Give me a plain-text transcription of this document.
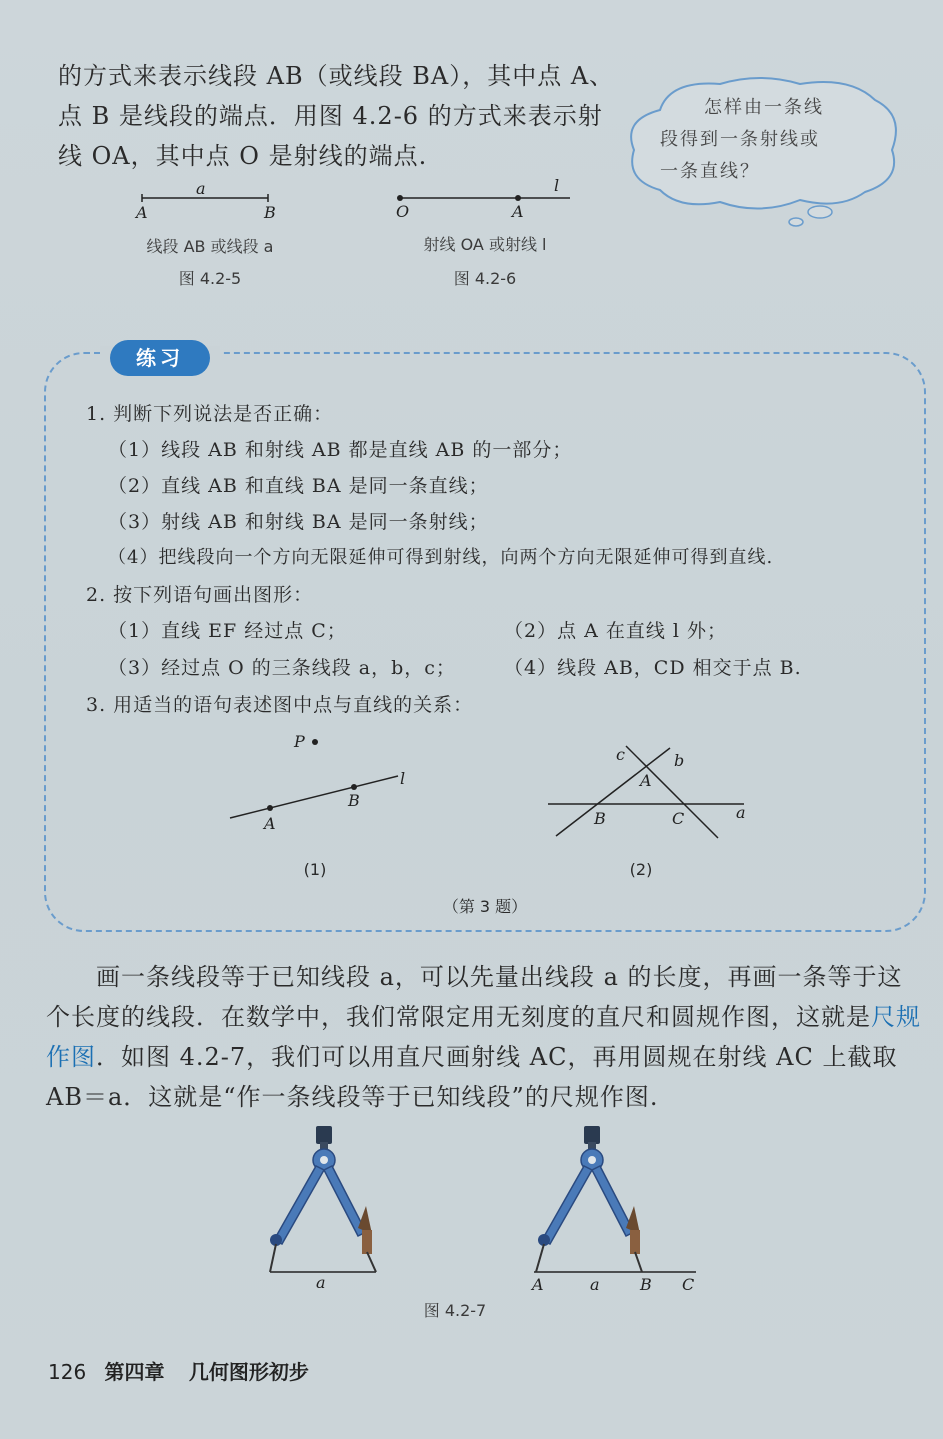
的方式来表示线段 AB（或线段 BA），其中点 A、
点 B 是线段的端点．用图 4.2-6 的方式来表示射
线 OA，其中点 O 是射线的端点.
怎样由一条线
段得到一条射线或
一条直线？
a
A	B
线段 AB 或线段 a
图 4.2-5
O	A
l
射线 OA 或射线 l
图 4.2-6
练习
1. 判断下列说法是否正确：
（1）线段 AB 和射线 AB 都是直线 AB 的一部分；
（2）直线 AB 和直线 BA 是同一条直线；
（3）射线 AB 和射线 BA 是同一条射线；
（4）把线段向一个方向无限延伸可得到射线，向两个方向无限延伸可得到直线.
2. 按下列语句画出图形：
（1）直线 EF 经过点 C；	（2）点 A 在直线 l 外；
（3）经过点 O 的三条线段 a，b，c；	（4）线段 AB，CD 相交于点 B.
3. 用适当的语句表述图中点与直线的关系：
P
A
B
l
(1)
c	b
A
B	C	a
(2)
（第 3 题）
画一条线段等于已知线段 a，可以先量出线段 a 的长度，再画一条等于这个长度的线段．在数学中，我们常限定用无刻度的直尺和圆规作图，这就是尺规作图．如图 4.2-7，我们可以用直尺画射线 AC，再用圆规在射线 AC 上截取 AB＝a．这就是“作一条线段等于已知线段”的尺规作图.
a	A	a	B C
图 4.2-7
126 第四章 几何图形初步
